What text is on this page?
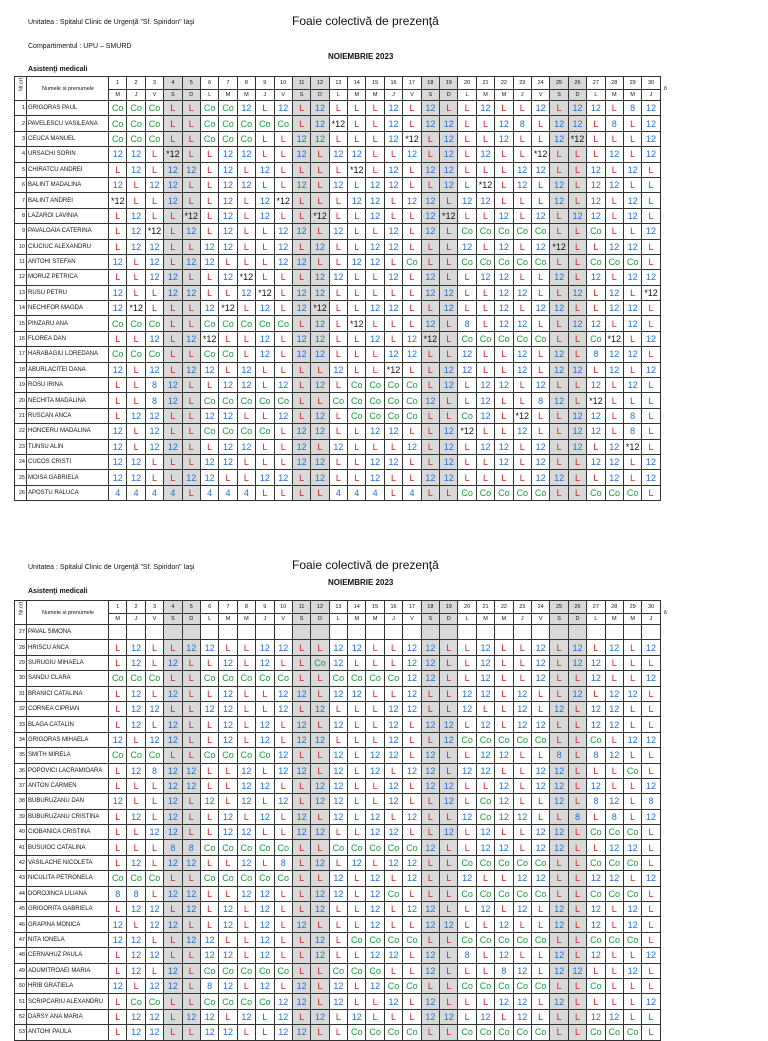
Unitatea : Spitalul Clinic de Urgenţă "Sf. Spiridon" Iaşi	Foaie colectivă de prezenţă
Compartimentul : UPU – SMURD
NOIEMBRIE 2023
Asistenţi medicali
Nr.crt	Numele si prenumele	1	2	3	4	5	6	7	8	9	10	11	12	13	14	15	16	17	18	19	20	21	22	23	24	25	26	27	28	29	30	ð
		M	J	V	S	D	L	M	M	J	V	S	D	L	M	M	J	V	S	D	L	M	M	J	V	S	D	L	M	M	J	
1	GRIGORAS PAUL	Co	Co	Co	L	L	Co	Co	12	L	12	L	12	L	L	L	12	L	12	L	L	12	L	L	12	L	12	12	L	8	12	
2	PAVELESCU VASILEANA	Co	Co	Co	L	L	Co	Co	Co	Co	Co	L	12	*12	L	L	12	L	12	12	L	L	12	8	L	12	12	L	8	L	12	
3	CEUCA MANUEL	Co	Co	Co	L	L	Co	Co	Co	L	L	12	12	L	L	L	12	*12	L	12	L	L	12	L	L	12	*12	L	L	L	12	
4	URSACHI SORIN	12	12	L	*12	L	L	12	12	L	L	12	L	12	12	L	L	12	L	12	L	12	L	L	*12	L	L	L	12	L	12	
5	CHIRATCU ANDREI	L	12	L	12	12	L	12	L	12	L	L	L	L	*12	L	12	L	12	12	L	L	L	12	12	L	L	12	L	12	L	
6	BALINT MADALINA	12	L	12	12	L	L	12	12	L	L	12	L	12	L	12	12	L	L	12	L	*12	L	12	L	12	L	12	12	L	L	
7	BALINT ANDREI	*12	L	L	12	L	L	12	L	12	*12	L	L	L	12	12	L	12	12	L	12	12	L	L	L	12	L	12	L	12	L	
8	LAZAROI LAVINIA	L	12	L	L	*12	L	12	L	12	L	L	*12	L	L	12	L	L	12	*12	L	L	12	L	12	L	12	12	L	12	L	
9	PAVALOAIA CATERINA	L	12	*12	L	12	L	12	L	L	12	12	L	12	L	L	12	L	12	L	Co	Co	Co	Co	Co	L	L	Co	L	L	12	
10	CIUCIUC ALEXANDRU	L	12	12	L	L	12	12	L	L	12	L	12	L	L	12	12	L	L	L	12	L	12	L	12	*12	L	L	12	12	L	
11	ANTOHI STEFAN	12	L	12	L	12	12	L	L	L	12	12	L	L	12	12	L	Co	L	L	Co	Co	Co	Co	Co	L	L	Co	Co	Co	L	
12	MORUZ PETRICA	L	L	12	12	L	L	12	*12	L	L	L	12	12	L	L	12	L	12	L	L	12	12	L	L	12	L	12	L	12	12	
13	RUSU PETRU	12	L	L	12	12	L	L	12	*12	L	12	12	L	L	L	L	L	12	12	L	L	12	12	L	L	12	L	12	L	*12	
14	NECHIFOR MAGDA	12	*12	L	L	L	12	*12	L	12	L	12	*12	L	L	12	12	L	L	12	L	L	12	L	12	12	L	L	12	12	L	
15	PINZARU ANA	Co	Co	Co	L	L	Co	Co	Co	Co	Co	L	12	L	*12	L	L	L	12	L	8	L	12	12	L	L	12	12	L	12	L	
16	FLOREA DAN	L	L	12	L	12	*12	L	L	12	L	12	12	L	L	12	L	12	*12	L	Co	Co	Co	Co	Co	L	L	Co	*12	L	12	
17	HARABAGIU LOREDANA	Co	Co	Co	L	L	Co	Co	L	12	L	12	12	L	L	L	12	12	L	L	12	L	L	12	L	12	L	8	12	12	L	
18	ABURLACITEI DANA	12	L	12	L	12	12	L	12	L	L	L	L	12	L	L	*12	L	L	12	12	L	L	12	L	12	12	L	12	L	12	
19	ROSU IRINA	L	L	8	12	L	L	12	12	L	12	L	12	L	Co	Co	Co	Co	L	12	L	12	12	L	12	L	L	12	L	12	L	
20	NECHITA MADALINA	L	L	8	12	L	Co	Co	Co	Co	Co	L	L	Co	Co	Co	Co	Co	12	L	L	12	L	L	8	12	L	*12	L	L	L	
21	RUSCAN ANCA	L	12	12	L	L	12	12	L	L	12	L	12	L	Co	Co	Co	Co	L	L	Co	12	L	*12	L	L	12	12	L	8	L	
22	HONCERU MADALINA	12	L	12	L	L	Co	Co	Co	Co	L	12	12	L	L	12	12	L	L	12	*12	L	L	12	L	L	12	12	L	8	L	
23	TUNSU ALIN	12	L	12	12	L	L	12	12	L	L	12	L	12	L	L	L	12	L	12	L	12	12	L	12	L	12	L	12	*12	L	
24	CUCOS CRISTI	12	12	L	L	L	12	12	L	L	L	12	12	L	L	12	12	L	L	12	L	L	12	L	12	L	L	12	12	L	12	
25	MOISA GABRIELA	12	12	L	L	12	12	L	L	12	12	L	12	L	L	12	L	L	12	12	L	L	L	L	12	12	L	L	12	L	12	
26	APOSTU RALUCA	4	4	4	4	L	4	4	4	L	L	L	L	4	4	4	L	4	L	L	Co	Co	Co	Co	Co	L	L	Co	Co	Co	L	
Unitatea : Spitalul Clinic de Urgenţă "Sf. Spiridon" Iaşi	Foaie colectivă de prezenţă
NOIEMBRIE 2023
Asistenţi medicali
Nr.crt	Numele si prenumele	1	2	3	4	5	6	7	8	9	10	11	12	13	14	15	16	17	18	19	20	21	22	23	24	25	26	27	28	29	30	ð
		M	J	V	S	D	L	M	M	J	V	S	D	L	M	M	J	V	S	D	L	M	M	J	V	S	D	L	M	M	J	
27	PAVAL SIMONA																															
28	HRISCU ANCA	L	12	L	L	12	12	L	L	12	12	L	L	12	12	L	L	12	12	L	L	12	L	L	12	L	12	L	12	L	12	
29	SURUGIU MIHAELA	L	12	L	12	L	L	12	L	12	L	L	Co	12	L	L	L	12	12	L	L	12	L	L	12	L	12	12	L	L	L	
30	SANDU CLARA	Co	Co	Co	L	L	Co	Co	Co	Co	Co	L	L	Co	Co	Co	Co	12	12	L	L	12	L	L	12	L	L	12	L	L	12	
31	BRANICI CATALINA	L	12	L	12	L	L	12	L	L	12	12	L	12	12	L	L	12	L	L	12	12	L	12	L	L	12	L	12	12	L	
32	CORNEA CIPRIAN	L	12	12	L	L	12	12	L	L	12	L	12	L	L	L	12	12	L	L	12	L	L	12	L	12	L	12	12	L	L	
33	BLAGA CATALIN	L	12	L	12	L	L	12	L	12	L	12	L	12	L	L	12	L	12	12	L	12	L	12	12	L	L	12	12	L	L	
34	GRIGORAS MIHAELA	12	L	12	12	L	L	12	L	12	L	12	12	L	L	L	12	L	L	12	Co	Co	Co	Co	Co	L	L	Co	L	12	12	
35	SMITH MIRELA	Co	Co	Co	L	L	Co	Co	Co	Co	12	L	L	12	L	12	12	L	12	L	L	12	12	L	L	8	L	8	12	L	L	
36	POPOVICI LACRAMIOARA	L	12	8	12	12	L	L	12	L	12	12	L	12	L	12	L	12	12	L	12	12	L	L	12	12	L	L	L	Co	L	
37	ANTON CARMEN	L	L	L	12	12	L	L	12	12	L	L	12	12	L	L	12	L	12	12	L	L	12	L	12	12	L	12	L	L	12	
38	BUBURUZANU DAN	12	L	L	12	L	12	L	12	L	12	L	12	12	L	L	12	L	L	12	L	Co	12	L	L	12	L	8	12	L	8	
39	BUBURUZANU CRISTINA	L	12	L	12	L	L	12	L	12	L	12	L	12	L	12	L	12	L	L	12	Co	12	12	L	L	8	L	8	L	12	
40	CIOBANICA CRISTINA	L	L	12	12	L	L	12	12	L	L	12	12	L	L	12	12	L	L	12	L	12	L	L	12	12	L	Co	Co	Co	L	
41	BUSUIOC CATALINA	L	L	L	8	8	Co	Co	Co	Co	Co	L	L	Co	Co	Co	Co	Co	12	L	L	12	12	L	12	12	L	L	12	12	L	
42	VASILACHE NICOLETA	L	12	L	12	12	L	L	12	L	8	L	12	L	12	L	12	12	L	L	Co	Co	Co	Co	Co	L	L	Co	Co	Co	L	
43	NICULITA PETRONELA	Co	Co	Co	L	L	Co	Co	Co	Co	Co	L	L	12	L	12	L	12	L	L	12	L	L	12	12	L	L	12	12	L	12	
44	DOROJINCA LILIANA	8	8	L	12	12	L	L	12	12	L	L	12	12	L	12	Co	L	L	L	Co	Co	Co	Co	Co	L	L	Co	Co	Co	L	
45	GRIGORITA GABRIELA	L	12	12	L	12	L	12	L	12	L	L	12	L	L	12	L	12	12	L	L	12	L	12	L	12	L	12	L	12	L	
46	GRAPINA MONICA	12	L	12	12	L	L	12	L	12	L	12	L	L	L	12	L	L	12	12	L	L	12	L	L	12	L	12	L	12	L	
47	NITA IONELA	12	12	L	L	12	12	L	L	12	L	L	12	L	Co	Co	Co	Co	L	L	Co	Co	Co	Co	Co	L	L	Co	Co	Co	L	
48	CERNAHUZ PAULA	L	12	12	L	L	12	12	L	12	L	L	12	L	L	12	12	L	12	L	8	L	12	L	L	12	L	12	L	L	12	
49	ADUMITROAEI MARIA	L	12	L	12	L	Co	Co	Co	Co	Co	L	L	Co	Co	Co	L	L	12	L	L	L	8	12	L	12	12	L	L	12	L	
50	HRIB GRATIELA	12	L	12	12	L	8	12	L	12	L	12	L	12	L	12	Co	Co	L	L	Co	Co	Co	Co	Co	L	L	Co	L	L	L	
51	SCRIPCARIU ALEXANDRU	L	Co	Co	L	L	Co	Co	Co	Co	12	12	L	12	L	L	12	L	12	L	L	L	12	12	L	12	L	L	L	L	12	
52	DARSY ANA MARIA	L	12	12	L	12	12	L	12	L	12	L	12	L	12	L	L	L	12	12	L	12	L	12	L	L	L	12	12	L	L	
53	ANTOHI PAULA	L	12	12	L	L	12	12	L	L	12	12	L	L	Co	Co	Co	Co	L	L	Co	Co	Co	Co	Co	L	L	Co	Co	Co	L	
